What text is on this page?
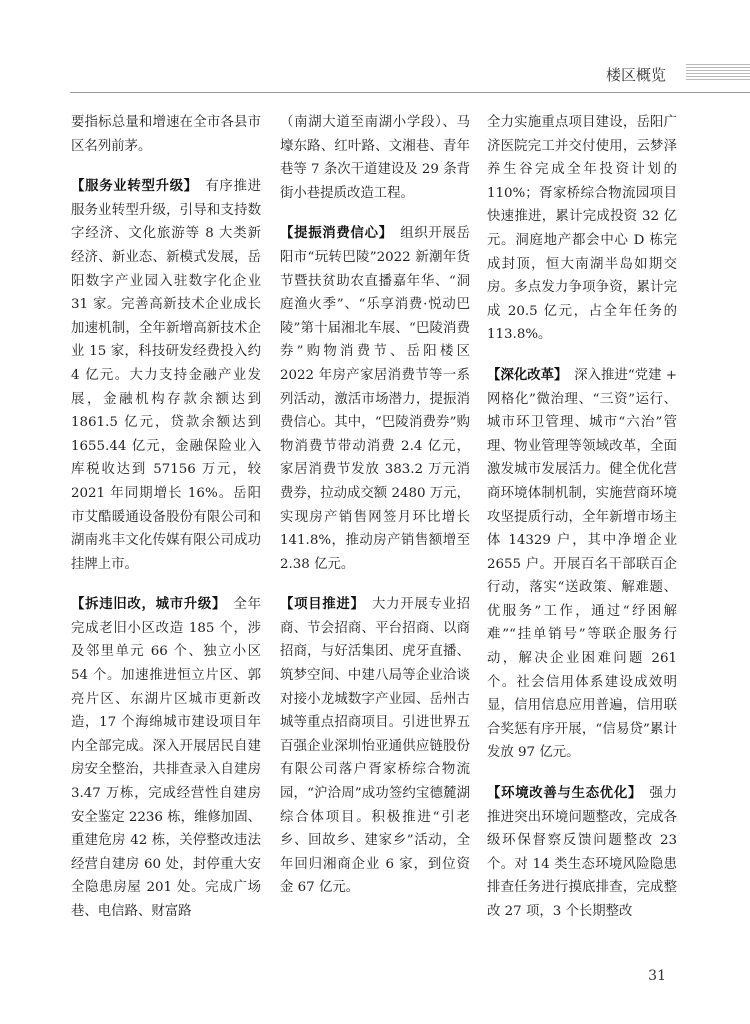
楼区概览

要指标总量和增速在全市各县市区名列前茅。

【服务业转型升级】　 有序推进服务业转型升级，引导和支持数字经济、文化旅游等 8 大类新经济、新业态、新模式发展，岳阳数字产业园入驻数字化企业 31 家。完善高新技术企业成长加速机制，全年新增高新技术企业 15 家，科技研发经费投入约 4 亿元。大力支持金融产业发展，金融机构存款余额达到 1861.5 亿元，贷款余额达到 1655.44 亿元，金融保险业入库税收达到 57156 万元，较 2021 年同期增长 16%。岳阳市艾酷暖通设备股份有限公司和湖南兆丰文化传媒有限公司成功挂牌上市。

【拆违旧改，城市升级】　 全年完成老旧小区改造 185 个，涉及邻里单元 66 个、独立小区 54 个。加速推进恒立片区、郭亮片区、东湖片区城市更新改造，17 个海绵城市建设项目年内全部完成。深入开展居民自建房安全整治，共排查录入自建房 3.47 万栋，完成经营性自建房安全鉴定 2236 栋，维修加固、重建危房 42 栋，关停整改违法经营自建房 60 处，封停重大安全隐患房屋 201 处。完成广场巷、电信路、财富路

（南湖大道至南湖小学段）、马壕东路、红叶路、文湘巷、青年巷等 7 条次干道建设及 29 条背街小巷提质改造工程。

【提振消费信心】　 组织开展岳阳市“玩转巴陵”2022 新潮年货节暨扶贫助农直播嘉年华、“洞庭渔火季”、“乐享消费·悦动巴陵”第十届湘北车展、“巴陵消费券”购物消费节、岳阳楼区 2022 年房产家居消费节等一系列活动，激活市场潜力，提振消费信心。其中，“巴陵消费券”购物消费节带动消费 2.4 亿元，家居消费节发放 383.2 万元消费券，拉动成交额 2480 万元，实现房产销售网签月环比增长 141.8%，推动房产销售额增至 2.38 亿元。

【项目推进】　 大力开展专业招商、节会招商、平台招商、以商招商，与好活集团、虎牙直播、筑梦空间、中建八局等企业洽谈对接小龙城数字产业园、岳州古城等重点招商项目。引进世界五百强企业深圳怡亚通供应链股份有限公司落户胥家桥综合物流园，“沪洽周”成功签约宝德麓湖综合体项目。积极推进“引老乡、回故乡、建家乡”活动，全年回归湘商企业 6 家，到位资金 67 亿元。

全力实施重点项目建设，岳阳广济医院完工并交付使用，云梦泽养生谷完成全年投资计划的 110%；胥家桥综合物流园项目快速推进，累计完成投资 32 亿元。洞庭地产都会中心 D 栋完成封顶，恒大南湖半岛如期交房。多点发力争项争资，累计完成 20.5 亿元，占全年任务的 113.8%。

【深化改革】　 深入推进“党建 + 网格化”微治理、“三资”运行、城市环卫管理、城市“六治”管理、物业管理等领域改革，全面激发城市发展活力。健全优化营商环境体制机制，实施营商环境攻坚提质行动，全年新增市场主体 14329 户，其中净增企业 2655 户。开展百名干部联百企行动，落实“送政策、解难题、优服务”工作，通过“纾困解难”“挂单销号”等联企服务行动，解决企业困难问题 261 个。社会信用体系建设成效明显，信用信息应用普遍，信用联合奖惩有序开展，“信易贷”累计发放 97 亿元。

【环境改善与生态优化】　 强力推进突出环境问题整改，完成各级环保督察反馈问题整改 23 个。对 14 类生态环境风险隐患排查任务进行摸底排查，完成整改 27 项，3 个长期整改

31
